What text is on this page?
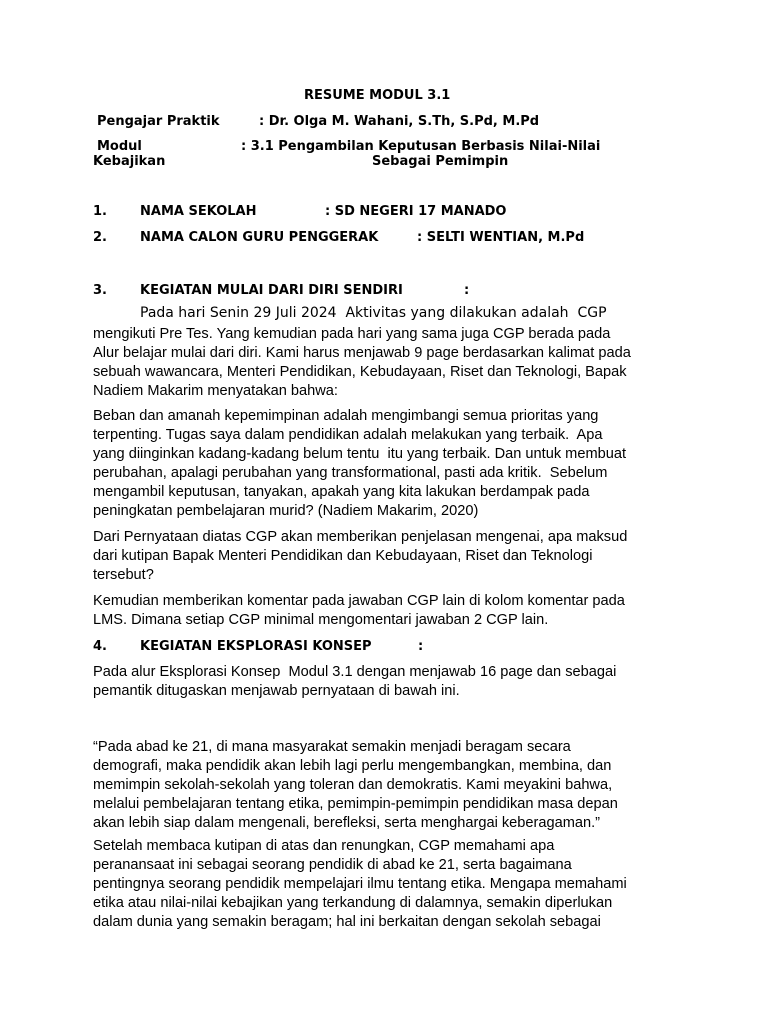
RESUME MODUL 3.1
Pengajar Praktik	: Dr. Olga M. Wahani, S.Th, S.Pd, M.Pd
Modul	: 3.1 Pengambilan Keputusan Berbasis Nilai-Nilai
Kebajikan	Sebagai Pemimpin
1.	NAMA SEKOLAH	: SD NEGERI 17 MANADO
2.	NAMA CALON GURU PENGGERAK	: SELTI WENTIAN, M.Pd
3.	KEGIATAN MULAI DARI DIRI SENDIRI	:
Pada hari Senin 29 Juli 2024  Aktivitas yang dilakukan adalah  CGP
mengikuti Pre Tes. Yang kemudian pada hari yang sama juga CGP berada pada
Alur belajar mulai dari diri. Kami harus menjawab 9 page berdasarkan kalimat pada
sebuah wawancara, Menteri Pendidikan, Kebudayaan, Riset dan Teknologi, Bapak
Nadiem Makarim menyatakan bahwa:
Beban dan amanah kepemimpinan adalah mengimbangi semua prioritas yang
terpenting. Tugas saya dalam pendidikan adalah melakukan yang terbaik.  Apa
yang diinginkan kadang-kadang belum tentu  itu yang terbaik. Dan untuk membuat
perubahan, apalagi perubahan yang transformational, pasti ada kritik.  Sebelum
mengambil keputusan, tanyakan, apakah yang kita lakukan berdampak pada
peningkatan pembelajaran murid? (Nadiem Makarim, 2020)
Dari Pernyataan diatas CGP akan memberikan penjelasan mengenai, apa maksud
dari kutipan Bapak Menteri Pendidikan dan Kebudayaan, Riset dan Teknologi
tersebut?
Kemudian memberikan komentar pada jawaban CGP lain di kolom komentar pada
LMS. Dimana setiap CGP minimal mengomentari jawaban 2 CGP lain.
4.	KEGIATAN EKSPLORASI KONSEP	:
Pada alur Eksplorasi Konsep  Modul 3.1 dengan menjawab 16 page dan sebagai
pemantik ditugaskan menjawab pernyataan di bawah ini.
“Pada abad ke 21, di mana masyarakat semakin menjadi beragam secara
demografi, maka pendidik akan lebih lagi perlu mengembangkan, membina, dan
memimpin sekolah-sekolah yang toleran dan demokratis. Kami meyakini bahwa,
melalui pembelajaran tentang etika, pemimpin-pemimpin pendidikan masa depan
akan lebih siap dalam mengenali, berefleksi, serta menghargai keberagaman.”
Setelah membaca kutipan di atas dan renungkan, CGP memahami apa
peranansaat ini sebagai seorang pendidik di abad ke 21, serta bagaimana
pentingnya seorang pendidik mempelajari ilmu tentang etika. Mengapa memahami
etika atau nilai-nilai kebajikan yang terkandung di dalamnya, semakin diperlukan
dalam dunia yang semakin beragam; hal ini berkaitan dengan sekolah sebagai
